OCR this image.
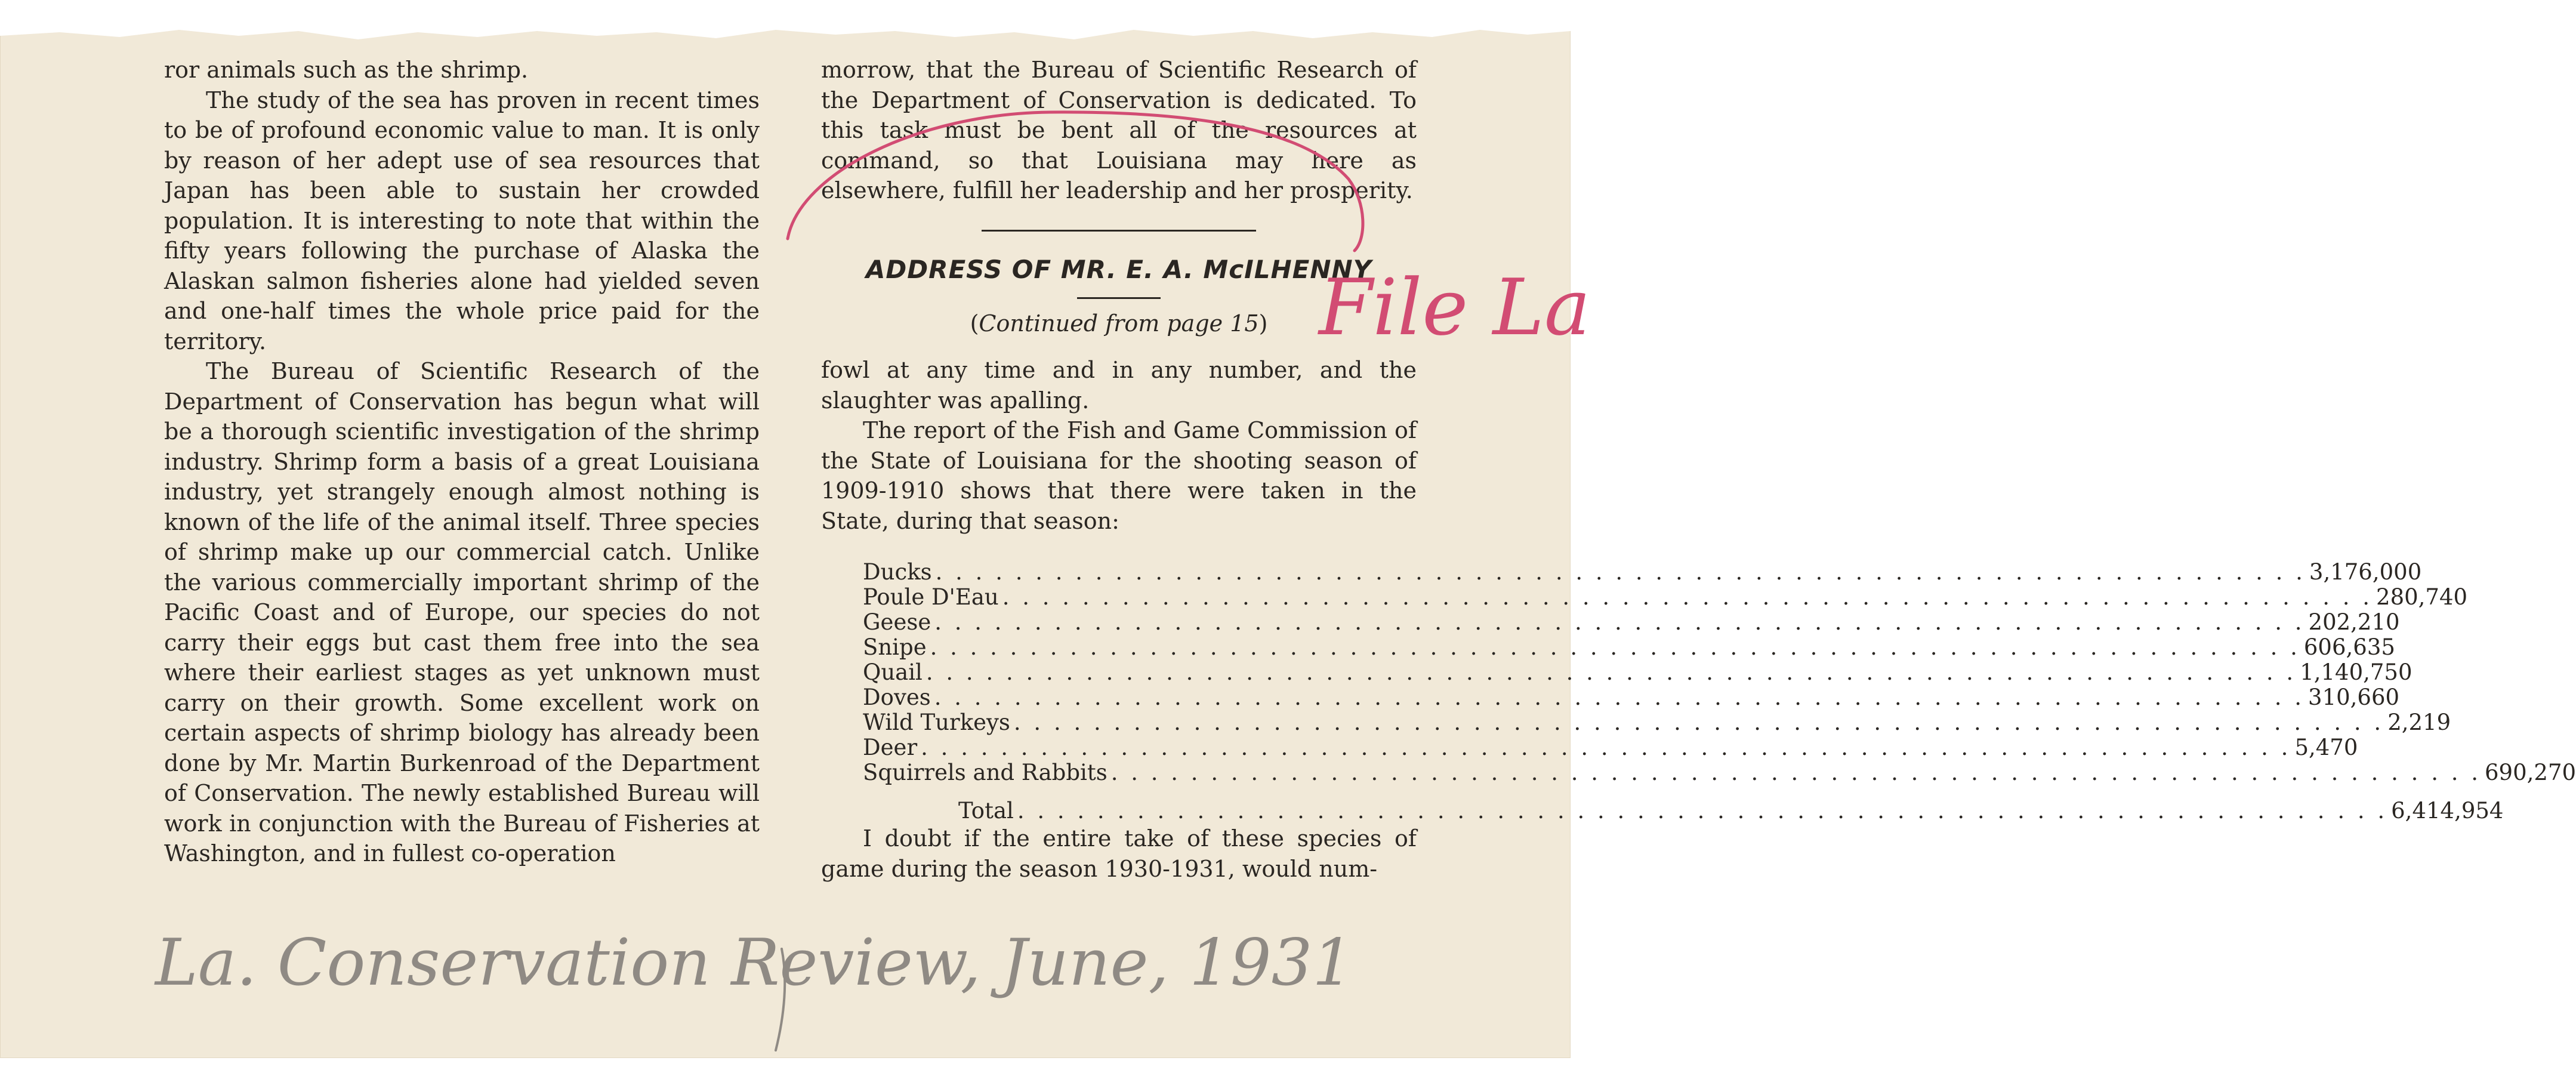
ror animals such as the shrimp.

The study of the sea has proven in recent times to be of profound economic value to man. It is only by reason of her adept use of sea resources that Japan has been able to sustain her crowded population. It is interesting to note that within the fifty years following the purchase of Alaska the Alaskan salmon fisheries alone had yielded seven and one-half times the whole price paid for the territory.

The Bureau of Scientific Research of the Department of Conservation has begun what will be a thorough scientific investigation of the shrimp industry. Shrimp form a basis of a great Louisiana industry, yet strangely enough almost nothing is known of the life of the animal itself. Three species of shrimp make up our commercial catch. Unlike the various commercially important shrimp of the Pacific Coast and of Europe, our species do not carry their eggs but cast them free into the sea where their earliest stages as yet unknown must carry on their growth. Some excellent work on certain aspects of shrimp biology has already been done by Mr. Martin Burkenroad of the Department of Conservation. The newly established Bureau will work in conjunction with the Bureau of Fisheries at Washington, and in fullest co-operation

morrow, that the Bureau of Scientific Research of the Department of Conservation is dedicated. To this task must be bent all of the resources at command, so that Louisiana may here as elsewhere, fulfill her leadership and her prosperity.

ADDRESS OF MR. E. A. McILHENNY
(Continued from page 15)

fowl at any time and in any number, and the slaughter was apalling.

The report of the Fish and Game Commission of the State of Louisiana for the shooting season of 1909-1910 shows that there were taken in the State, during that season:

Ducks . . .	3,176,000
Poule D'Eau . . .	280,740
Geese . . .	202,210
Snipe . . .	606,635
Quail . . .	1,140,750
Doves . . .	310,660
Wild Turkeys . . .	2,219
Deer . . .	5,470
Squirrels and Rabbits . . .	690,270
Total . . .	6,414,954

I doubt if the entire take of these species of game during the season 1930-1931, would num-

File La
La. Conservation Review, June, 1931
